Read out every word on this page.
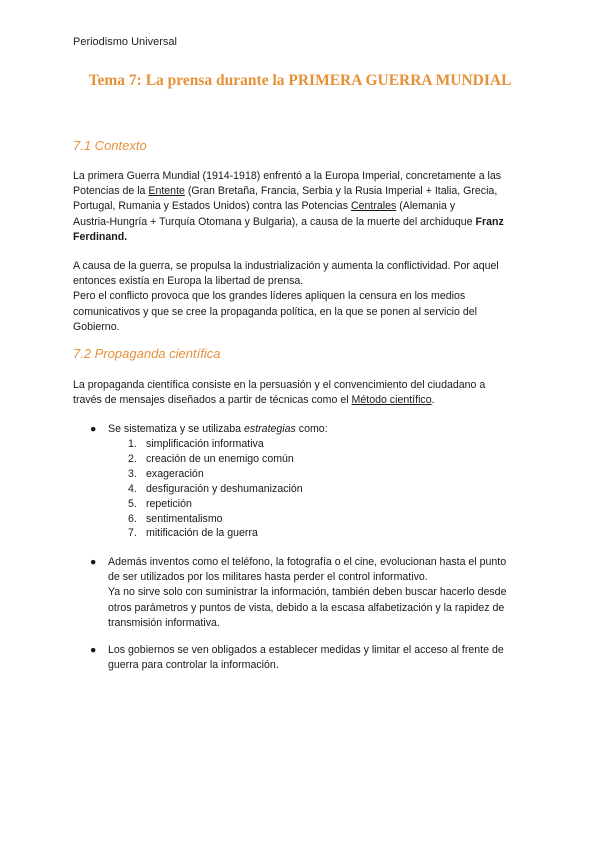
Periodismo Universal
Tema 7: La prensa durante la PRIMERA GUERRA MUNDIAL
7.1 Contexto

La primera Guerra Mundial (1914-1918) enfrentó a la Europa Imperial, concretamente a las
Potencias de la Entente (Gran Bretaña, Francia, Serbia y la Rusia Imperial + Italia, Grecia,
Portugal, Rumania y Estados Unidos) contra las Potencias Centrales (Alemania y
Austria-Hungría + Turquía Otomana y Bulgaria), a causa de la muerte del archiduque Franz
Ferdinand.

A causa de la guerra, se propulsa la industrialización y aumenta la conflictividad. Por aquel
entonces existía en Europa la libertad de prensa.
Pero el conflicto provoca que los grandes líderes apliquen la censura en los medios
comunicativos y que se cree la propaganda política, en la que se ponen al servicio del
Gobierno.

7.2 Propaganda científica

La propaganda científica consiste en la persuasión y el convencimiento del ciudadano a
través de mensajes diseñados a partir de técnicas como el Método científico.

● Se sistematiza y se utilizaba estrategias como:

1. simplificación informativa
2. creación de un enemigo común
3. exageración
4. desfiguración y deshumanización
5. repetición
6. sentimentalismo
7. mitificación de la guerra
● Además inventos como el teléfono, la fotografía o el cine, evolucionan hasta el punto
de ser utilizados por los militares hasta perder el control informativo.
Ya no sirve solo con suministrar la información, también deben buscar hacerlo desde
otros parámetros y puntos de vista, debido a la escasa alfabetización y la rapidez de
transmisión informativa.

● Los gobiernos se ven obligados a establecer medidas y limitar el acceso al frente de
guerra para controlar la información.
